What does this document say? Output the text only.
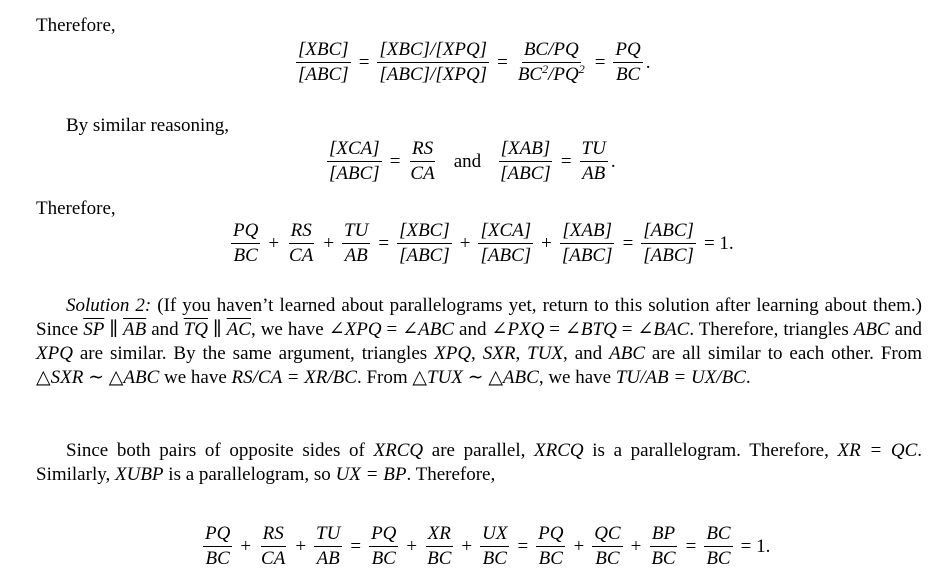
Therefore,
$\frac{\text{[XBC]}}{\text{[ABC]}} = \frac{\text{[XBC]/[XPQ]}}{\text{[ABC]/[XPQ]}} = \frac{BC/PQ}{BC^2/PQ^2} = \frac{PQ}{BC}$ .
By similar reasoning,
$\frac{\text{[XCA]}}{\text{[ABC]}} = \frac{RS}{CA}$ and $\frac{\text{[XAB]}}{\text{[ABC]}} = \frac{TU}{AB}$ .
Therefore,
$\frac{PQ}{BC} + \frac{RS}{CA} + \frac{TU}{AB} = \frac{\text{[XBC]}}{\text{[ABC]}} + \frac{\text{[XCA]}}{\text{[ABC]}} + \frac{\text{[XAB]}}{\text{[ABC]}} = \frac{\text{[ABC]}}{\text{[ABC]}} = 1$.
Solution 2: (If you haven’t learned about parallelograms yet, return to this solution after learning about them.) Since $\overline{SP}$ ∥ $\overline{AB}$ and $\overline{TQ}$ ∥ $\overline{AC}$, we have ∠XPQ = ∠ABC and ∠PXQ = ∠BTQ = ∠BAC. Therefore, triangles ABC and XPQ are similar. By the same argument, triangles XPQ, SXR, TUX, and ABC are all similar to each other. From △SXR ∼ △ABC we have RS/CA = XR/BC. From △TUX ∼ △ABC, we have TU/AB = UX/BC.
Since both pairs of opposite sides of XRCQ are parallel, XRCQ is a parallelogram. Therefore, XR = QC. Similarly, XUBP is a parallelogram, so UX = BP. Therefore,
$\frac{PQ}{BC} + \frac{RS}{CA} + \frac{TU}{AB} = \frac{PQ}{BC} + \frac{XR}{BC} + \frac{UX}{BC} = \frac{PQ}{BC} + \frac{QC}{BC} + \frac{BP}{BC} = \frac{BC}{BC} = 1$.
